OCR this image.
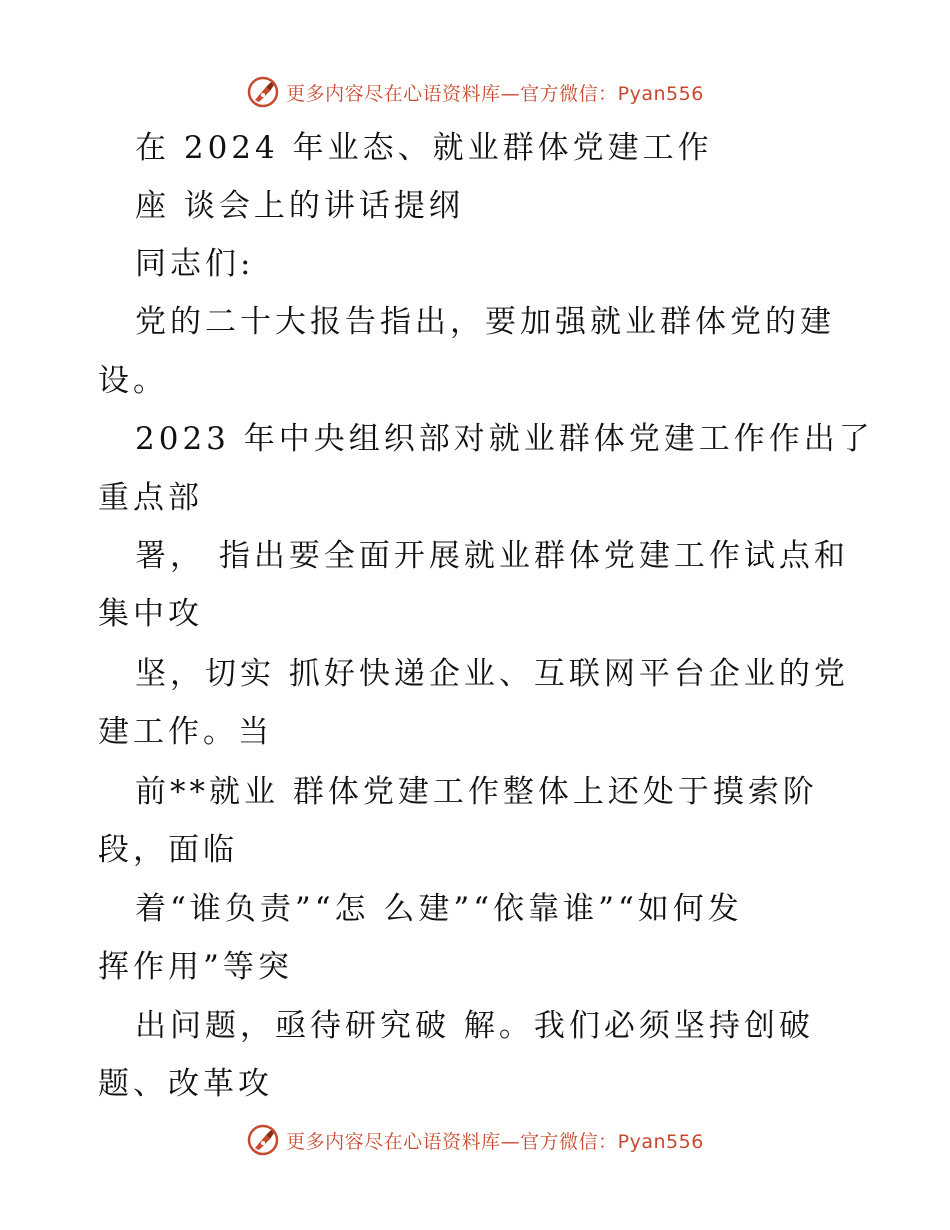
更多内容尽在心语资料库—官方微信：Pyan556
在 2024 年业态、就业群体党建工作
座 谈会上的讲话提纲
同志们:
党的二十大报告指出，要加强就业群体党的建
设。
2023 年中央组织部对就业群体党建工作作出了
重点部
署， 指出要全面开展就业群体党建工作试点和
集中攻
坚，切实 抓好快递企业、互联网平台企业的党
建工作。当
前**就业 群体党建工作整体上还处于摸索阶
段，面临
着“谁负责”“怎 么建”“依靠谁”“如何发
挥作用”等突
出问题，亟待研究破 解。我们必须坚持创破
题、改革攻
更多内容尽在心语资料库—官方微信：Pyan556
